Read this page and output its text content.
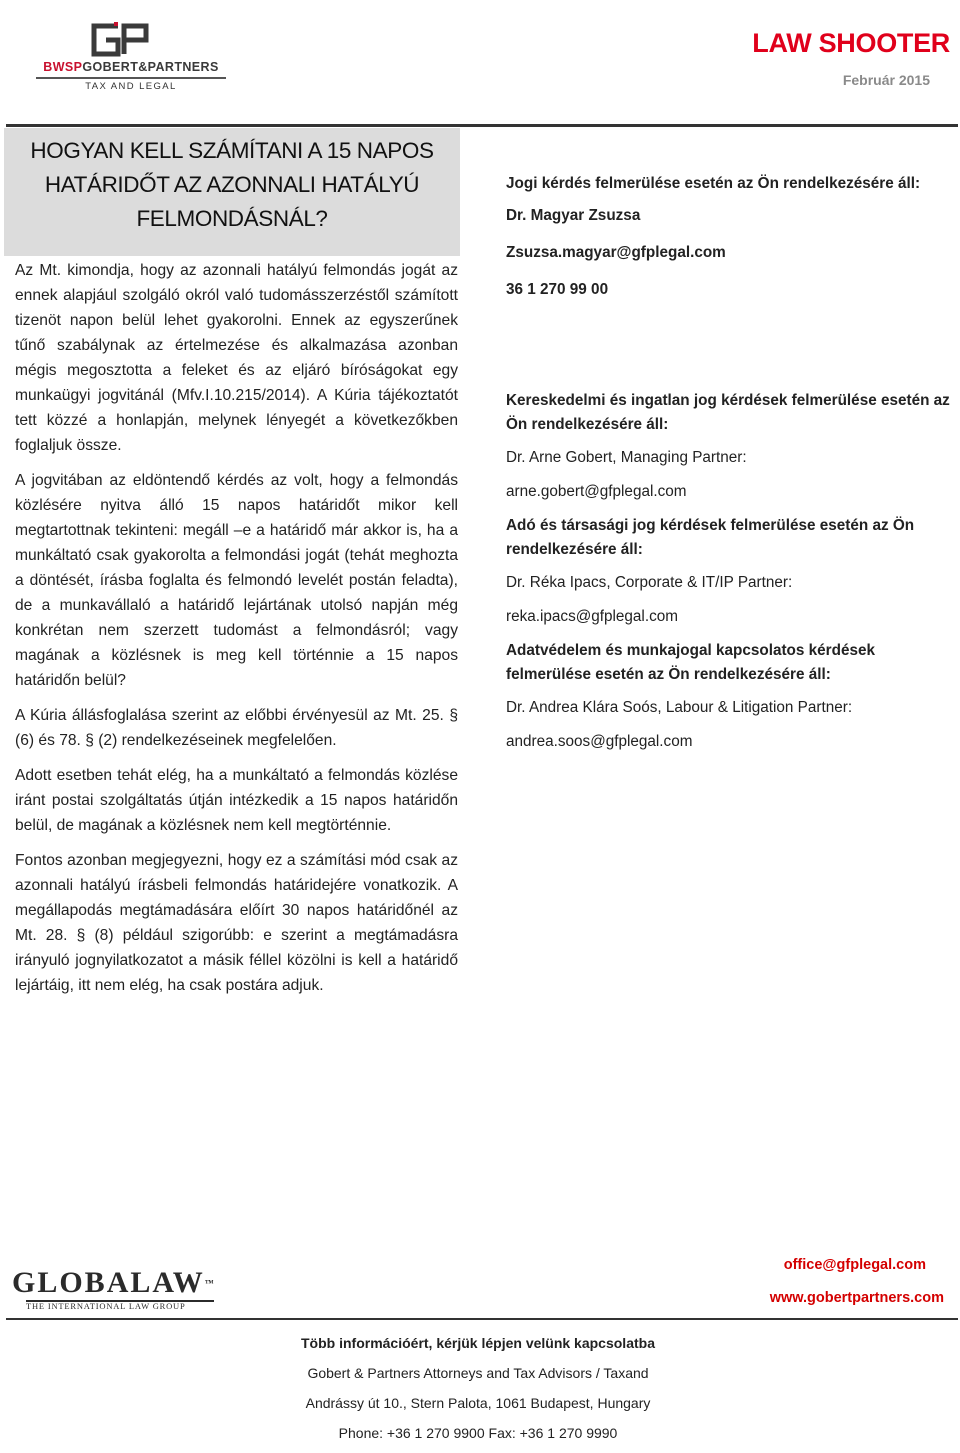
BWSPGOBERT&PARTNERS
TAX AND LEGAL
LAW SHOOTER
Február 2015
HOGYAN KELL SZÁMÍTANI A 15 NAPOS
HATÁRIDŐT AZ AZONNALI HATÁLYÚ
FELMONDÁSNÁL?

Az Mt. kimondja, hogy az azonnali hatályú felmondás jogát az ennek alapjául szolgáló okról való tudomásszerzéstől számított tizenöt napon belül lehet gyakorolni. Ennek az egyszerűnek tűnő szabálynak az értelmezése és alkalmazása azonban mégis megosztotta a feleket és az eljáró bíróságokat egy munkaügyi jogvitánál (Mfv.I.10.215/2014). A Kúria tájékoztatót tett közzé a honlapján, melynek lényegét a következőkben foglaljuk össze.

A jogvitában az eldöntendő kérdés az volt, hogy a felmondás közlésére nyitva álló 15 napos határidőt mikor kell megtartottnak tekinteni: megáll –e a határidő már akkor is, ha a munkáltató csak gyakorolta a felmondási jogát (tehát meghozta a döntését, írásba foglalta és felmondó levelét postán feladta), de a munkavállaló a határidő lejártának utolsó napján még konkrétan nem szerzett tudomást a felmondásról; vagy magának a közlésnek is meg kell történnie a 15 napos határidőn belül?

A Kúria állásfoglalása szerint az előbbi érvényesül az Mt. 25. § (6) és 78. § (2) rendelkezéseinek megfelelően.

Adott esetben tehát elég, ha a munkáltató a felmondás közlése iránt postai szolgáltatás útján intézkedik a 15 napos határidőn belül, de magának a közlésnek nem kell megtörténnie.

Fontos azonban megjegyezni, hogy ez a számítási mód csak az azonnali hatályú írásbeli felmondás határidejére vonatkozik. A megállapodás megtámadására előírt 30 napos határidőnél az Mt. 28. § (8) például szigorúbb: e szerint a megtámadásra irányuló jognyilatkozatot a másik féllel közölni is kell a határidő lejártáig, itt nem elég, ha csak postára adjuk.

Jogi kérdés felmerülése esetén az Ön rendelkezésére áll:

Dr. Magyar Zsuzsa

Zsuzsa.magyar@gfplegal.com

36 1 270 99 00

Kereskedelmi és ingatlan jog kérdések felmerülése esetén az Ön rendelkezésére áll:

Dr. Arne Gobert, Managing Partner:

arne.gobert@gfplegal.com

Adó és társasági jog kérdések felmerülése esetén az Ön rendelkezésére áll:

Dr. Réka Ipacs, Corporate & IT/IP Partner:

reka.ipacs@gfplegal.com

Adatvédelem és munkajogal kapcsolatos kérdések felmerülése esetén az Ön rendelkezésére áll:

Dr. Andrea Klára Soós, Labour & Litigation Partner:

andrea.soos@gfplegal.com

GLOBALAW™
THE INTERNATIONAL LAW GROUP
office@gfplegal.com
www.gobertpartners.com
Több információért, kérjük lépjen velünk kapcsolatba
Gobert & Partners Attorneys and Tax Advisors / Taxand
Andrássy út 10., Stern Palota, 1061 Budapest, Hungary
Phone: +36 1 270 9900 Fax: +36 1 270 9990
